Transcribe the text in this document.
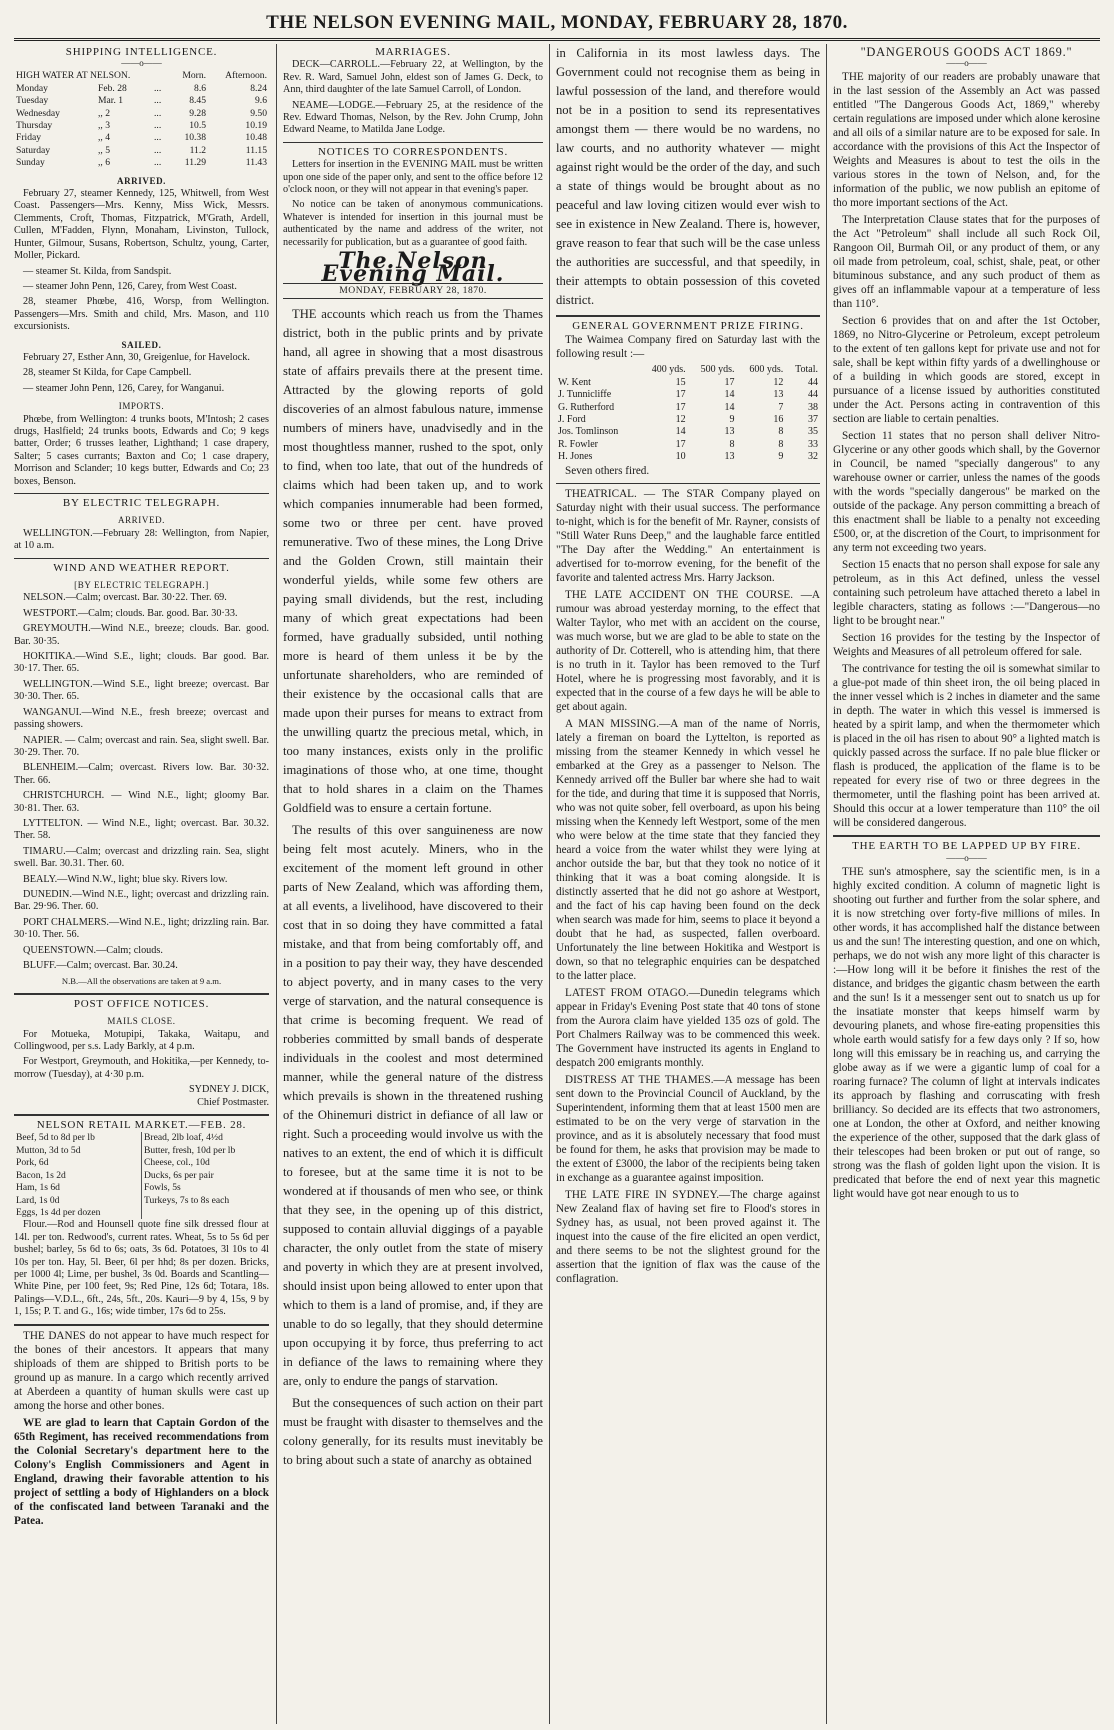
THE NELSON EVENING MAIL, MONDAY, FEBRUARY 28, 1870.
SHIPPING INTELLIGENCE.
——o——
HIGH WATER AT NELSON.			Morn.	Afternoon.
Monday	Feb. 28	...	8.6	8.24
Tuesday	Mar. 1	...	8.45	9.6
Wednesday	,, 2	...	9.28	9.50
Thursday	,, 3	...	10.5	10.19
Friday	,, 4	...	10.38	10.48
Saturday	,, 5	...	11.2	11.15
Sunday	,, 6	...	11.29	11.43
ARRIVED.

February 27, steamer Kennedy, 125, Whitwell, from West Coast. Passengers—Mrs. Kenny, Miss Wick, Messrs. Clemments, Croft, Thomas, Fitzpatrick, M'Grath, Ardell, Cullen, M'Fadden, Flynn, Monaham, Livinston, Tullock, Hunter, Gilmour, Susans, Robertson, Schultz, young, Carter, Moller, Pickard.

— steamer St. Kilda, from Sandspit.

— steamer John Penn, 126, Carey, from West Coast.

28, steamer Phœbe, 416, Worsp, from Wellington. Passengers—Mrs. Smith and child, Mrs. Mason, and 110 excursionists.

SAILED.

February 27, Esther Ann, 30, Greigenlue, for Havelock.

28, steamer St Kilda, for Cape Campbell.

— steamer John Penn, 126, Carey, for Wanganui.

IMPORTS.

Phœbe, from Wellington: 4 trunks boots, M'Intosh; 2 cases drugs, Haslfield; 24 trunks boots, Edwards and Co; 9 kegs batter, Order; 6 trusses leather, Lighthand; 1 case drapery, Salter; 5 cases currants; Baxton and Co; 1 case drapery, Morrison and Sclander; 10 kegs butter, Edwards and Co; 23 boxes, Benson.

BY ELECTRIC TELEGRAPH.
ARRIVED.

WELLINGTON.—February 28: Wellington, from Napier, at 10 a.m.

WIND AND WEATHER REPORT.
[BY ELECTRIC TELEGRAPH.]

NELSON.—Calm; overcast. Bar. 30·22. Ther. 69.

WESTPORT.—Calm; clouds. Bar. good. Bar. 30·33.

GREYMOUTH.—Wind N.E., breeze; clouds. Bar. good. Bar. 30·35.

HOKITIKA.—Wind S.E., light; clouds. Bar good. Bar. 30·17. Ther. 65.

WELLINGTON.—Wind S.E., light breeze; overcast. Bar 30·30. Ther. 65.

WANGANUI.—Wind N.E., fresh breeze; overcast and passing showers.

NAPIER. — Calm; overcast and rain. Sea, slight swell. Bar. 30·29. Ther. 70.

BLENHEIM.—Calm; overcast. Rivers low. Bar. 30·32. Ther. 66.

CHRISTCHURCH. — Wind N.E., light; gloomy Bar. 30·81. Ther. 63.

LYTTELTON. — Wind N.E., light; overcast. Bar. 30.32. Ther. 58.

TIMARU.—Calm; overcast and drizzling rain. Sea, slight swell. Bar. 30.31. Ther. 60.

BEALY.—Wind N.W., light; blue sky. Rivers low.

DUNEDIN.—Wind N.E., light; overcast and drizzling rain. Bar. 29·96. Ther. 60.

PORT CHALMERS.—Wind N.E., light; drizzling rain. Bar. 30·10. Ther. 56.

QUEENSTOWN.—Calm; clouds.

BLUFF.—Calm; overcast. Bar. 30.24.

N.B.—All the observations are taken at 9 a.m.

POST OFFICE NOTICES.
MAILS CLOSE.

For Motueka, Motupipi, Takaka, Waitapu, and Collingwood, per s.s. Lady Barkly, at 4 p.m.

For Westport, Greymouth, and Hokitika,—per Kennedy, to-morrow (Tuesday), at 4·30 p.m.

SYDNEY J. DICK,
Chief Postmaster.
NELSON RETAIL MARKET.—FEB. 28.
Beef, 5d to 8d per lb
Mutton, 3d to 5d
Pork, 6d
Bacon, 1s 2d
Ham, 1s 6d
Lard, 1s 0d
Eggs, 1s 4d per dozen

Bread, 2lb loaf, 4½d
Butter, fresh, 10d per lb
Cheese, col., 10d
Ducks, 6s per pair
Fowls, 5s
Turkeys, 7s to 8s each

Flour.—Rod and Hounsell quote fine silk dressed flour at 14l. per ton. Redwood's, current rates. Wheat, 5s to 5s 6d per bushel; barley, 5s 6d to 6s; oats, 3s 6d. Potatoes, 3l 10s to 4l 10s per ton. Hay, 5l. Beer, 6l per hhd; 8s per dozen. Bricks, per 1000 4l; Lime, per bushel, 3s 0d. Boards and Scantling—White Pine, per 100 feet, 9s; Red Pine, 12s 6d; Totara, 18s. Palings—V.D.L., 6ft., 24s, 5ft., 20s. Kauri—9 by 4, 15s, 9 by 1, 15s; P. T. and G., 16s; wide timber, 17s 6d to 25s.

THE DANES do not appear to have much respect for the bones of their ancestors. It appears that many shiploads of them are shipped to British ports to be ground up as manure. In a cargo which recently arrived at Aberdeen a quantity of human skulls were cast up among the horse and other bones.

WE are glad to learn that Captain Gordon of the 65th Regiment, has received recommendations from the Colonial Secretary's department here to the Colony's English Commissioners and Agent in England, drawing their favorable attention to his project of settling a body of Highlanders on a block of the confiscated land between Taranaki and the Patea.

MARRIAGES.

DECK—CARROLL.—February 22, at Wellington, by the Rev. R. Ward, Samuel John, eldest son of James G. Deck, to Ann, third daughter of the late Samuel Carroll, of London.

NEAME—LODGE.—February 25, at the residence of the Rev. Edward Thomas, Nelson, by the Rev. John Crump, John Edward Neame, to Matilda Jane Lodge.

NOTICES TO CORRESPONDENTS.

Letters for insertion in the EVENING MAIL must be written upon one side of the paper only, and sent to the office before 12 o'clock noon, or they will not appear in that evening's paper.

No notice can be taken of anonymous communications. Whatever is intended for insertion in this journal must be authenticated by the name and address of the writer, not necessarily for publication, but as a guarantee of good faith.

The Nelson Evening Mail.
MONDAY, FEBRUARY 28, 1870.

THE accounts which reach us from the Thames district, both in the public prints and by private hand, all agree in showing that a most disastrous state of affairs prevails there at the present time. Attracted by the glowing reports of gold discoveries of an almost fabulous nature, immense numbers of miners have, unadvisedly and in the most thoughtless manner, rushed to the spot, only to find, when too late, that out of the hundreds of claims which had been taken up, and to work which companies innumerable had been formed, some two or three per cent. have proved remunerative. Two of these mines, the Long Drive and the Golden Crown, still maintain their wonderful yields, while some few others are paying small dividends, but the rest, including many of which great expectations had been formed, have gradually subsided, until nothing more is heard of them unless it be by the unfortunate shareholders, who are reminded of their existence by the occasional calls that are made upon their purses for means to extract from the unwilling quartz the precious metal, which, in too many instances, exists only in the prolific imaginations of those who, at one time, thought that to hold shares in a claim on the Thames Goldfield was to ensure a certain fortune.

The results of this over sanguineness are now being felt most acutely. Miners, who in the excitement of the moment left ground in other parts of New Zealand, which was affording them, at all events, a livelihood, have discovered to their cost that in so doing they have committed a fatal mistake, and that from being comfortably off, and in a position to pay their way, they have descended to abject poverty, and in many cases to the very verge of starvation, and the natural consequence is that crime is becoming frequent. We read of robberies committed by small bands of desperate individuals in the coolest and most determined manner, while the general nature of the distress which prevails is shown in the threatened rushing of the Ohinemuri district in defiance of all law or right. Such a proceeding would involve us with the natives to an extent, the end of which it is difficult to foresee, but at the same time it is not to be wondered at if thousands of men who see, or think that they see, in the opening up of this district, supposed to contain alluvial diggings of a payable character, the only outlet from the state of misery and poverty in which they are at present involved, should insist upon being allowed to enter upon that which to them is a land of promise, and, if they are unable to do so legally, that they should determine upon occupying it by force, thus preferring to act in defiance of the laws to remaining where they are, only to endure the pangs of starvation.

But the consequences of such action on their part must be fraught with disaster to themselves and the colony generally, for its results must inevitably be to bring about such a state of anarchy as obtained

in California in its most lawless days. The Government could not recognise them as being in lawful possession of the land, and therefore would not be in a position to send its representatives amongst them — there would be no wardens, no law courts, and no authority whatever — might against right would be the order of the day, and such a state of things would be brought about as no peaceful and law loving citizen would ever wish to see in existence in New Zealand. There is, however, grave reason to fear that such will be the case unless the authorities are successful, and that speedily, in their attempts to obtain possession of this coveted district.

GENERAL GOVERNMENT PRIZE FIRING.

The Waimea Company fired on Saturday last with the following result :—

	400 yds.	500 yds.	600 yds.	Total.
W. Kent	15	17	12	44
J. Tunnicliffe	17	14	13	44
G. Rutherford	17	14	7	38
J. Ford	12	9	16	37
Jos. Tomlinson	14	13	8	35
R. Fowler	17	8	8	33
H. Jones	10	13	9	32

Seven others fired.

THEATRICAL. — The STAR Company played on Saturday night with their usual success. The performance to-night, which is for the benefit of Mr. Rayner, consists of "Still Water Runs Deep," and the laughable farce entitled "The Day after the Wedding." An entertainment is advertised for to-morrow evening, for the benefit of the favorite and talented actress Mrs. Harry Jackson.

THE LATE ACCIDENT ON THE COURSE. —A rumour was abroad yesterday morning, to the effect that Walter Taylor, who met with an accident on the course, was much worse, but we are glad to be able to state on the authority of Dr. Cotterell, who is attending him, that there is no truth in it. Taylor has been removed to the Turf Hotel, where he is progressing most favorably, and it is expected that in the course of a few days he will be able to get about again.

A MAN MISSING.—A man of the name of Norris, lately a fireman on board the Lyttelton, is reported as missing from the steamer Kennedy in which vessel he embarked at the Grey as a passenger to Nelson. The Kennedy arrived off the Buller bar where she had to wait for the tide, and during that time it is supposed that Norris, who was not quite sober, fell overboard, as upon his being missing when the Kennedy left Westport, some of the men who were below at the time state that they fancied they heard a voice from the water whilst they were lying at anchor outside the bar, but that they took no notice of it thinking that it was a boat coming alongside. It is distinctly asserted that he did not go ashore at Westport, and the fact of his cap having been found on the deck when search was made for him, seems to place it beyond a doubt that he had, as suspected, fallen overboard. Unfortunately the line between Hokitika and Westport is down, so that no telegraphic enquiries can be despatched to the latter place.

LATEST FROM OTAGO.—Dunedin telegrams which appear in Friday's Evening Post state that 40 tons of stone from the Aurora claim have yielded 135 ozs of gold. The Port Chalmers Railway was to be commenced this week. The Government have instructed its agents in England to despatch 200 emigrants monthly.

DISTRESS AT THE THAMES.—A message has been sent down to the Provincial Council of Auckland, by the Superintendent, informing them that at least 1500 men are estimated to be on the very verge of starvation in the province, and as it is absolutely necessary that food must be found for them, he asks that provision may be made to the extent of £3000, the labor of the recipients being taken in exchange as a guarantee against imposition.

THE LATE FIRE IN SYDNEY.—The charge against New Zealand flax of having set fire to Flood's stores in Sydney has, as usual, not been proved against it. The inquest into the cause of the fire elicited an open verdict, and there seems to be not the slightest ground for the assertion that the ignition of flax was the cause of the conflagration.

"DANGEROUS GOODS ACT 1869."
——o——

THE majority of our readers are probably unaware that in the last session of the Assembly an Act was passed entitled "The Dangerous Goods Act, 1869," whereby certain regulations are imposed under which alone kerosine and all oils of a similar nature are to be exposed for sale. In accordance with the provisions of this Act the Inspector of Weights and Measures is about to test the oils in the various stores in the town of Nelson, and, for the information of the public, we now publish an epitome of tho more important sections of the Act.

The Interpretation Clause states that for the purposes of the Act "Petroleum" shall include all such Rock Oil, Rangoon Oil, Burmah Oil, or any product of them, or any oil made from petroleum, coal, schist, shale, peat, or other bituminous substance, and any such product of them as gives off an inflammable vapour at a temperature of less than 110°.

Section 6 provides that on and after the 1st October, 1869, no Nitro-Glycerine or Petroleum, except petroleum to the extent of ten gallons kept for private use and not for sale, shall be kept within fifty yards of a dwellinghouse or of a building in which goods are stored, except in pursuance of a license issued by authorities constituted under the Act. Persons acting in contravention of this section are liable to certain penalties.

Section 11 states that no person shall deliver Nitro-Glycerine or any other goods which shall, by the Governor in Council, be named "specially dangerous" to any warehouse owner or carrier, unless the names of the goods with the words "specially dangerous" be marked on the outside of the package. Any person committing a breach of this enactment shall be liable to a penalty not exceeding £500, or, at the discretion of the Court, to imprisonment for any term not exceeding two years.

Section 15 enacts that no person shall expose for sale any petroleum, as in this Act defined, unless the vessel containing such petroleum have attached thereto a label in legible characters, stating as follows :—"Dangerous—no light to be brought near."

Section 16 provides for the testing by the Inspector of Weights and Measures of all petroleum offered for sale.

The contrivance for testing the oil is somewhat similar to a glue-pot made of thin sheet iron, the oil being placed in the inner vessel which is 2 inches in diameter and the same in depth. The water in which this vessel is immersed is heated by a spirit lamp, and when the thermometer which is placed in the oil has risen to about 90° a lighted match is quickly passed across the surface. If no pale blue flicker or flash is produced, the application of the flame is to be repeated for every rise of two or three degrees in the thermometer, until the flashing point has been arrived at. Should this occur at a lower temperature than 110° the oil will be considered dangerous.

THE EARTH TO BE LAPPED UP BY FIRE.
——o——

THE sun's atmosphere, say the scientific men, is in a highly excited condition. A column of magnetic light is shooting out further and further from the solar sphere, and it is now stretching over forty-five millions of miles. In other words, it has accomplished half the distance between us and the sun! The interesting question, and one on which, perhaps, we do not wish any more light of this character is :—How long will it be before it finishes the rest of the distance, and bridges the gigantic chasm between the earth and the sun! Is it a messenger sent out to snatch us up for the insatiate monster that keeps himself warm by devouring planets, and whose fire-eating propensities this whole earth would satisfy for a few days only ? If so, how long will this emissary be in reaching us, and carrying the globe away as if we were a gigantic lump of coal for a roaring furnace? The column of light at intervals indicates its approach by flashing and corruscating with fresh brilliancy. So decided are its effects that two astronomers, one at London, the other at Oxford, and neither knowing the experience of the other, supposed that the dark glass of their telescopes had been broken or put out of range, so strong was the flash of golden light upon the vision. It is predicated that before the end of next year this magnetic light would have got near enough to us to
